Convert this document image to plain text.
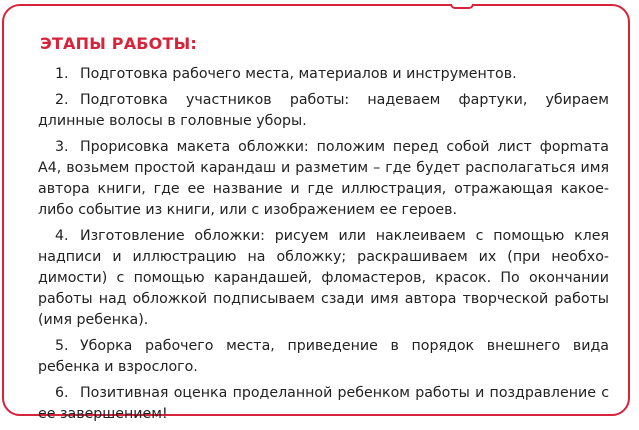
ЭТАПЫ РАБОТЫ:
1. Подготовка рабочего места, материалов и инструментов.
2. Подготовка участников работы: надеваем фартуки, убираем длинные волосы в головные уборы.
3. Прорисовка макета обложки: положим перед собой лист форmата А4, возьмем простой карандаш и разметим – где будет располагаться имя автора книги, где ее название и где иллюстрация, отражающая какое-либо событие из книги, или с изображением ее героев.
4. Изготовление обложки: рисуем или наклеиваем с помощью клея надписи и иллюстрацию на обложку; раскрашиваем их (при необходимости) с помощью карандашей, фломастеров, красок. По окончании работы над обложкой подписываем сзади имя автора творческой работы (имя ребенка).
5. Уборка рабочего места, приведение в порядок внешнего вида ребенка и взрослого.
6. Позитивная оценка проделанной ребенком работы и поздравление с ее завершением!
